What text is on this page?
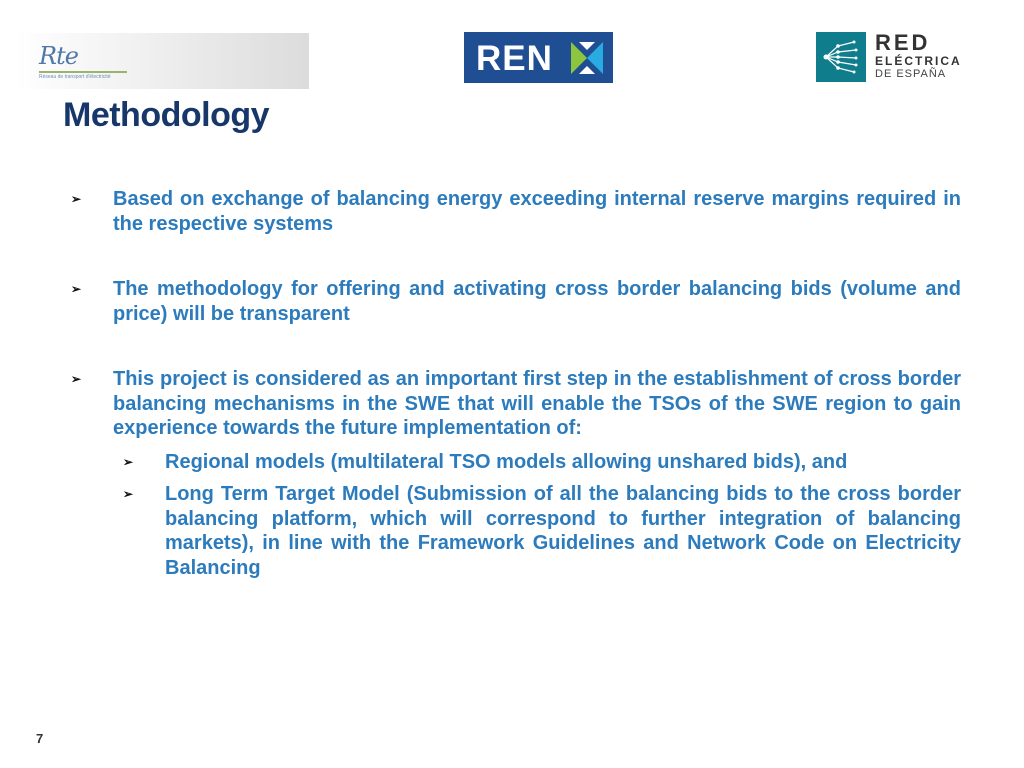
Rte
Réseau de transport d'électricité	REN	RED
ELÉCTRICA
DE ESPAÑA
Methodology
➢ Based on exchange of balancing energy exceeding internal reserve margins required in the respective systems
➢ The methodology for offering and activating cross border balancing bids (volume and price) will be transparent
➢ This project is considered as an important first step in the establishment of cross border balancing mechanisms in the SWE that will enable the TSOs of the SWE region to gain experience towards the future implementation of:
➢ Regional models (multilateral TSO models allowing unshared bids), and
➢ Long Term Target Model (Submission of all the balancing bids to the cross border balancing platform, which will correspond to further integration of balancing markets), in line with the Framework Guidelines and Network Code on Electricity Balancing
7
